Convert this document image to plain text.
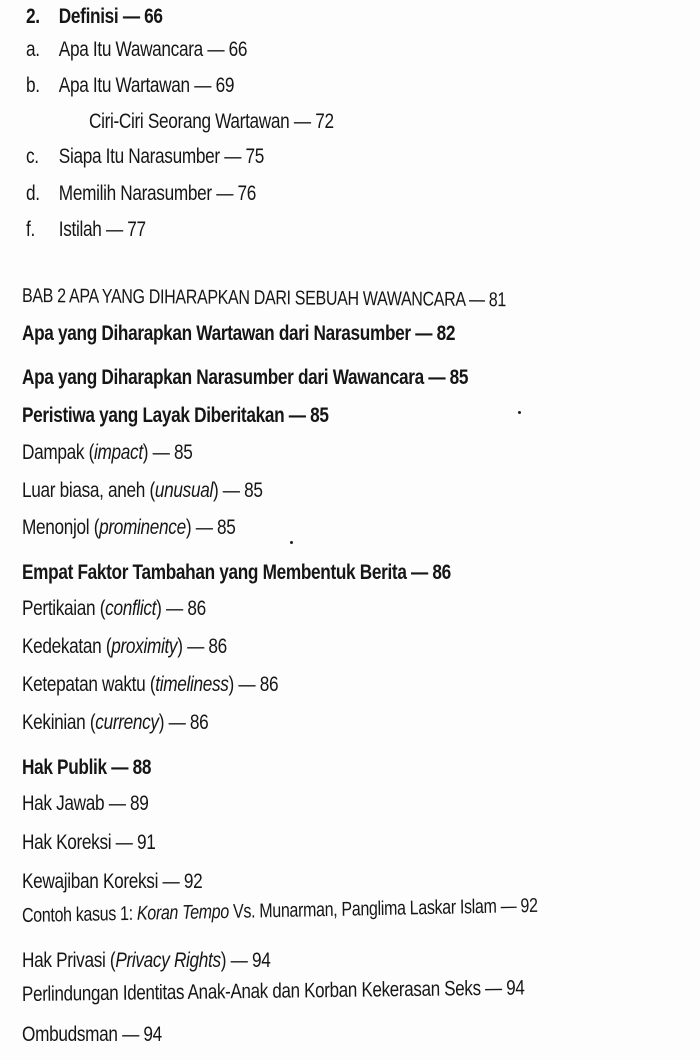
2. Definisi — 66
a. Apa Itu Wawancara — 66
b. Apa Itu Wartawan — 69
Ciri-Ciri Seorang Wartawan — 72
c. Siapa Itu Narasumber — 75
d. Memilih Narasumber — 76
f. Istilah — 77
BAB 2 APA YANG DIHARAPKAN DARI SEBUAH WAWANCARA — 81
Apa yang Diharapkan Wartawan dari Narasumber — 82
Apa yang Diharapkan Narasumber dari Wawancara — 85
Peristiwa yang Layak Diberitakan — 85
Dampak (impact) — 85
Luar biasa, aneh (unusual) — 85
Menonjol (prominence) — 85
Empat Faktor Tambahan yang Membentuk Berita — 86
Pertikaian (conflict) — 86
Kedekatan (proximity) — 86
Ketepatan waktu (timeliness) — 86
Kekinian (currency) — 86
Hak Publik — 88
Hak Jawab — 89
Hak Koreksi — 91
Kewajiban Koreksi — 92
Contoh kasus 1: Koran Tempo Vs. Munarman, Panglima Laskar Islam — 92
Hak Privasi (Privacy Rights) — 94
Perlindungan Identitas Anak-Anak dan Korban Kekerasan Seks — 94
Ombudsman — 94
